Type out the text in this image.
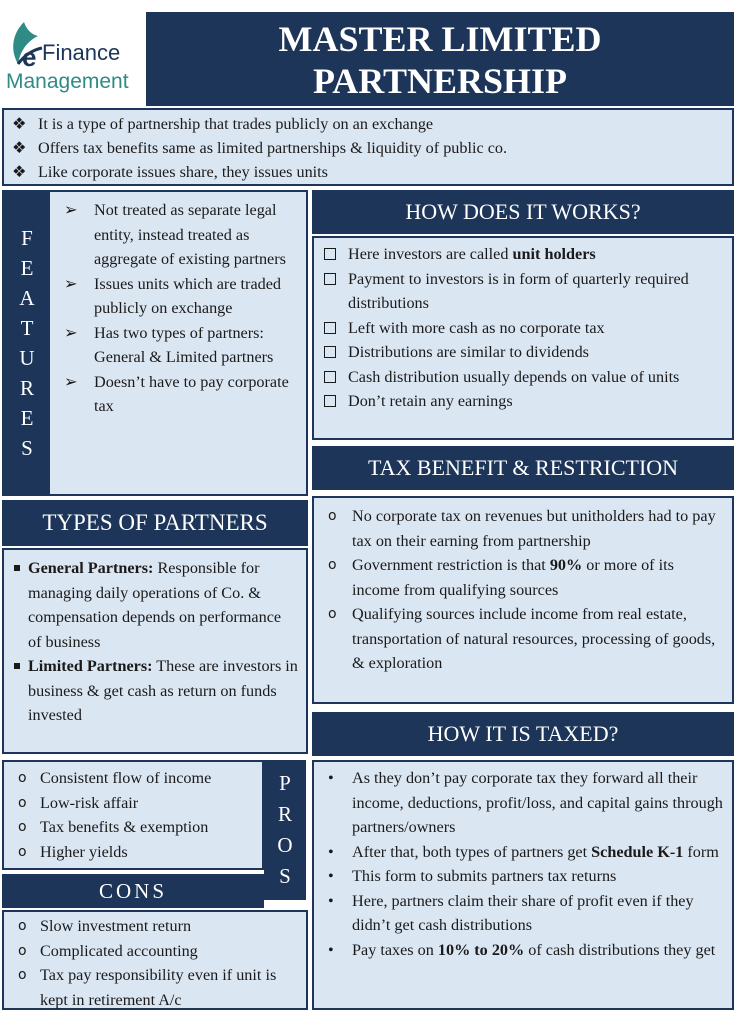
e Finance
Management
MASTER LIMITED
PARTNERSHIP
❖ It is a type of partnership that trades publicly on an exchange
❖ Offers tax benefits same as limited partnerships & liquidity of public co.
❖ Like corporate issues share, they issues units
F
E
A
T
U
R
E
S
➢ Not treated as separate legal entity, instead treated as aggregate of existing partners
➢ Issues units which are traded publicly on exchange
➢ Has two types of partners: General & Limited partners
➢ Doesn’t have to pay corporate tax
HOW DOES IT WORKS?
Here investors are called unit holders
Payment to investors is in form of quarterly required distributions
Left with more cash as no corporate tax
Distributions are similar to dividends
Cash distribution usually depends on value of units
Don’t retain any earnings
TAX BENEFIT & RESTRICTION
o No corporate tax on revenues but unitholders had to pay tax on their earning from partnership
o Government restriction is that 90% or more of its income from qualifying sources
o Qualifying sources include income from real estate, transportation of natural resources, processing of goods, & exploration
TYPES OF PARTNERS
General Partners: Responsible for managing daily operations of Co. & compensation depends on performance of business
Limited Partners: These are investors in business & get cash as return on funds invested
HOW IT IS TAXED?
• As they don’t pay corporate tax they forward all their income, deductions, profit/loss, and capital gains through partners/owners
• After that, both types of partners get Schedule K-1 form
• This form to submits partners tax returns
• Here, partners claim their share of profit even if they didn’t get cash distributions
• Pay taxes on 10% to 20% of cash distributions they get
o Consistent flow of income
o Low-risk affair
o Tax benefits & exemption
o Higher yields
P
R
O
S
CONS
o Slow investment return
o Complicated accounting
o Tax pay responsibility even if unit is kept in retirement A/c
